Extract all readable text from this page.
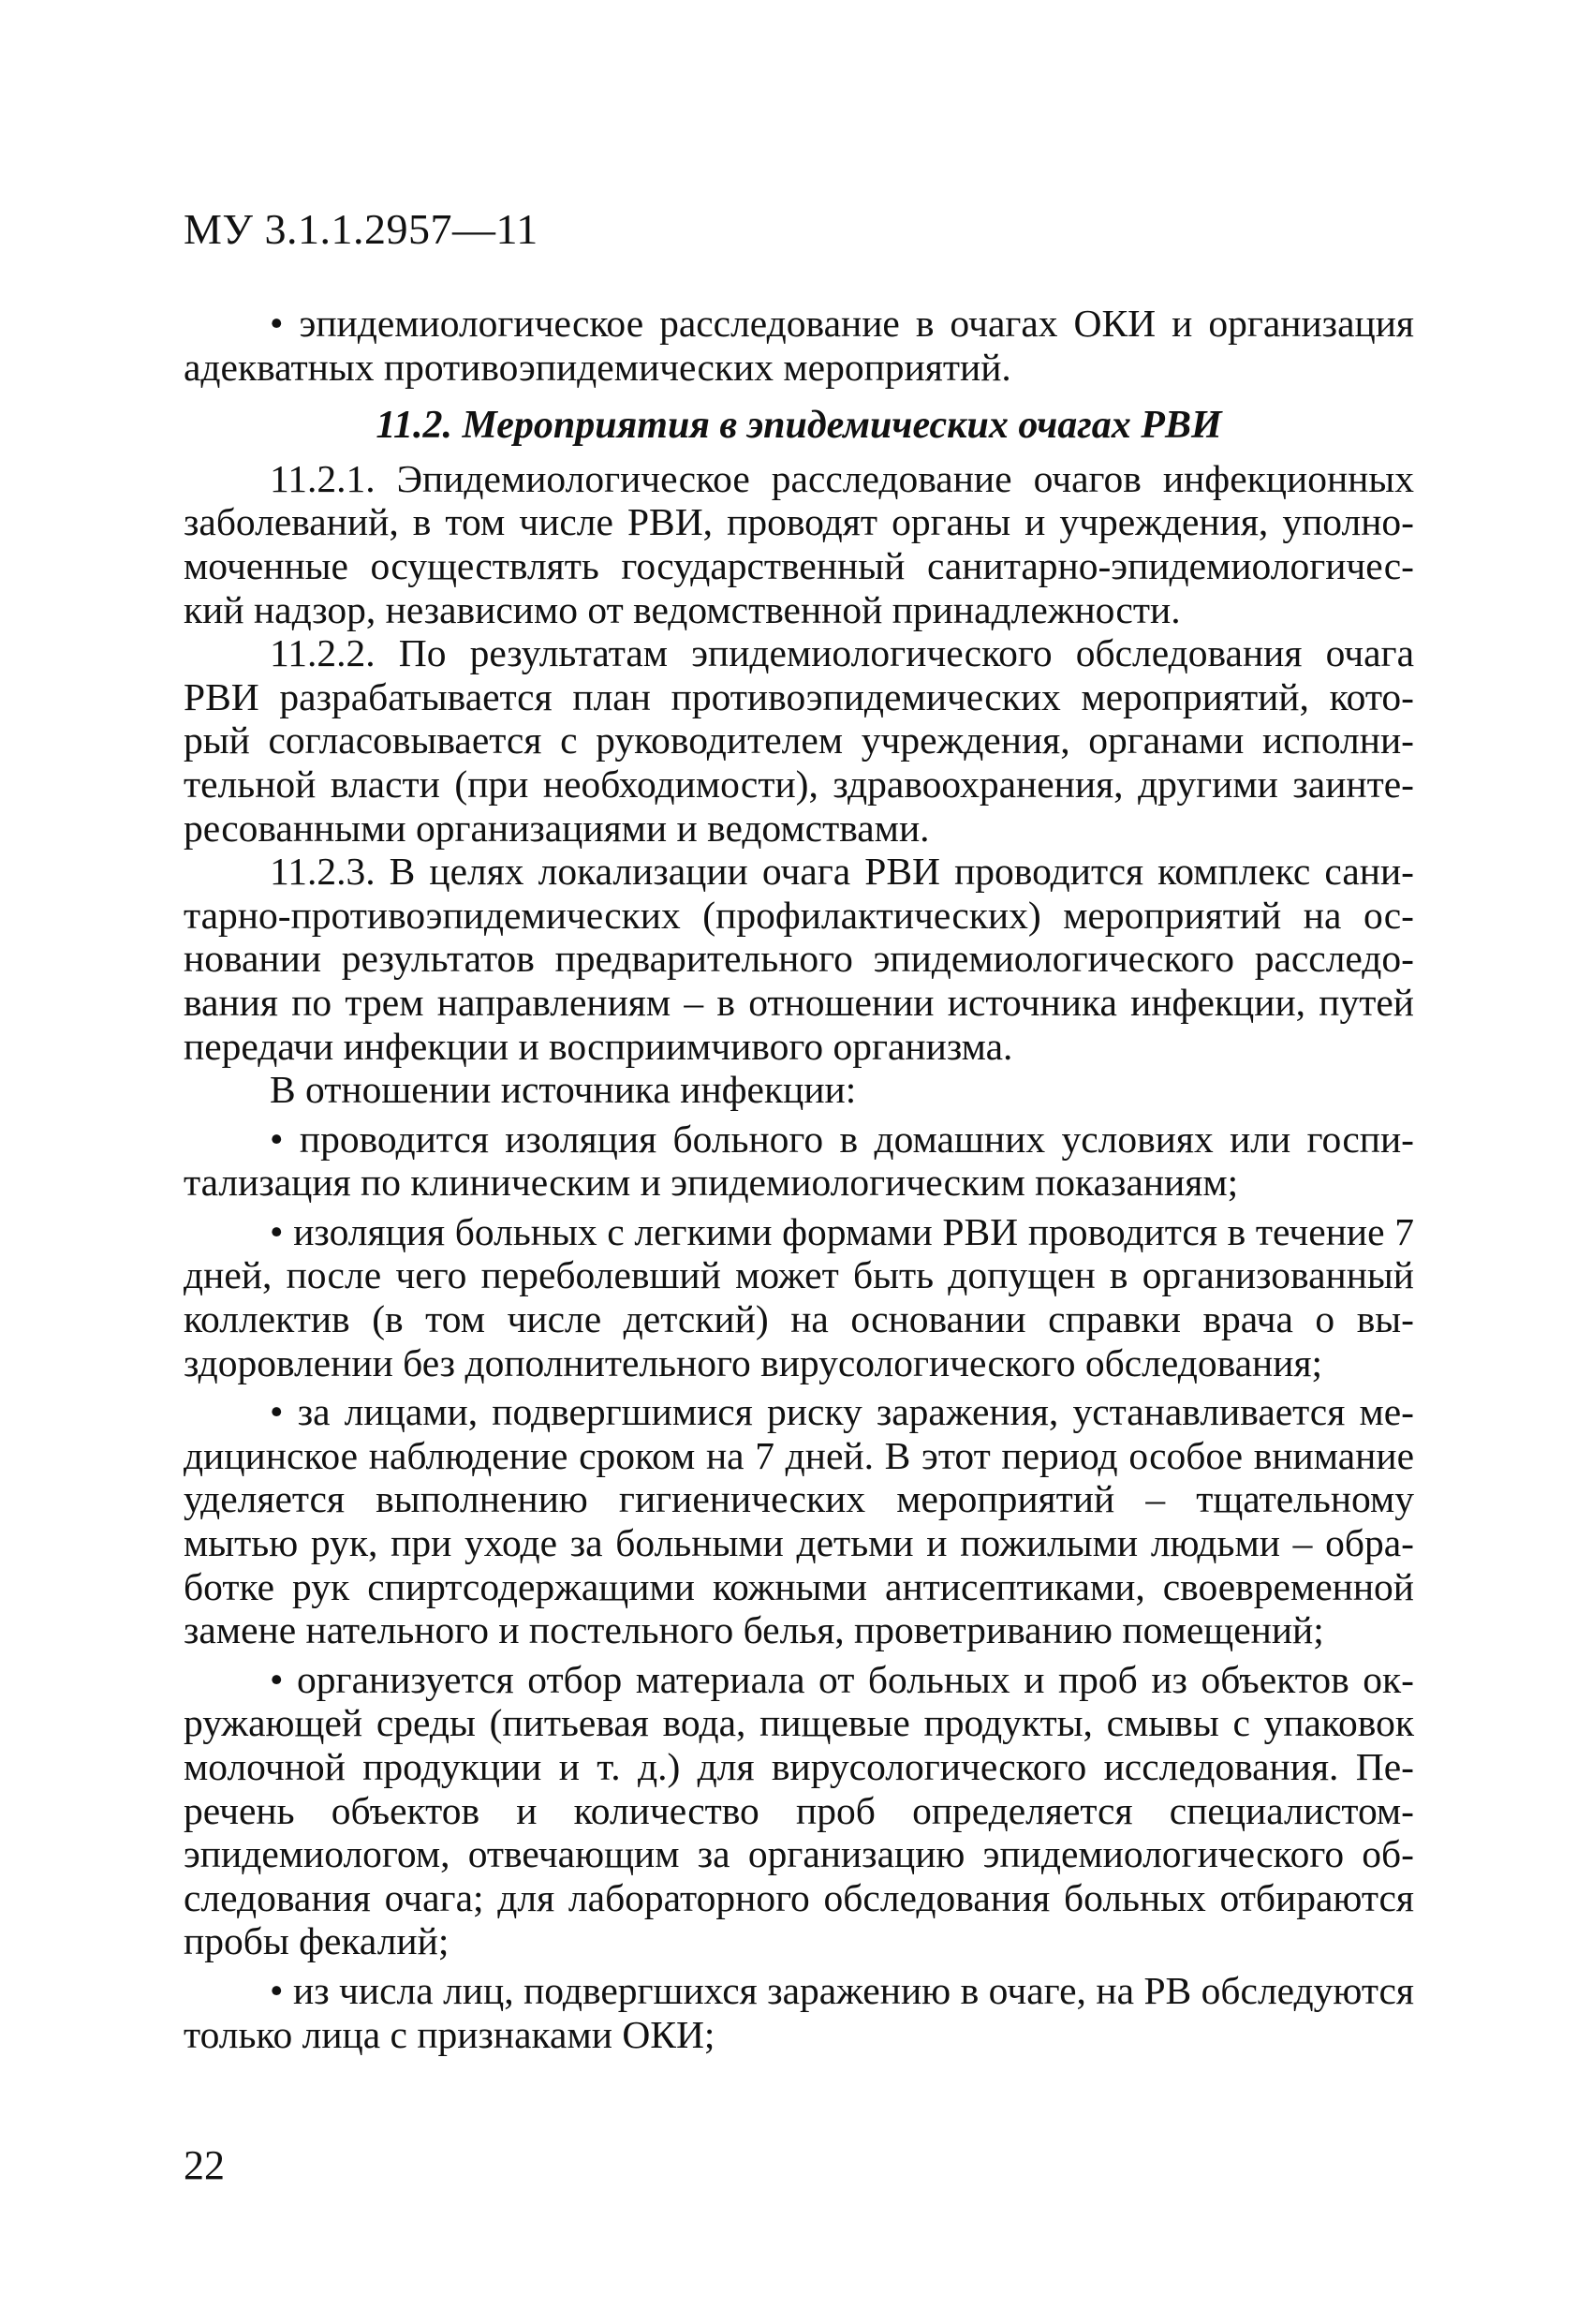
МУ 3.1.1.2957—11

• эпидемиологическое расследование в очагах ОКИ и организация адекватных противоэпидемических мероприятий.

11.2. Мероприятия в эпидемических очагах РВИ

11.2.1. Эпидемиологическое расследование очагов инфекционных заболеваний, в том числе РВИ, проводят органы и учреждения, уполномоченные осуществлять государственный санитарно-эпидемиологический надзор, независимо от ведомственной принадлежности.

11.2.2. По результатам эпидемиологического обследования очага РВИ разрабатывается план противоэпидемических мероприятий, который согласовывается с руководителем учреждения, органами исполнительной власти (при необходимости), здравоохранения, другими заинтересованными организациями и ведомствами.

11.2.3. В целях локализации очага РВИ проводится комплекс санитарно-противоэпидемических (профилактических) мероприятий на основании результатов предварительного эпидемиологического расследования по трем направлениям – в отношении источника инфекции, путей передачи инфекции и восприимчивого организма.

В отношении источника инфекции:

• проводится изоляция больного в домашних условиях или госпитализация по клиническим и эпидемиологическим показаниям;

• изоляция больных с легкими формами РВИ проводится в течение 7 дней, после чего переболевший может быть допущен в организованный коллектив (в том числе детский) на основании справки врача о выздоровлении без дополнительного вирусологического обследования;

• за лицами, подвергшимися риску заражения, устанавливается медицинское наблюдение сроком на 7 дней. В этот период особое внимание уделяется выполнению гигиенических мероприятий – тщательному мытью рук, при уходе за больными детьми и пожилыми людьми – обработке рук спиртсодержащими кожными антисептиками, своевременной замене нательного и постельного белья, проветриванию помещений;

• организуется отбор материала от больных и проб из объектов окружающей среды (питьевая вода, пищевые продукты, смывы с упаковок молочной продукции и т. д.) для вирусологического исследования. Перечень объектов и количество проб определяется специалистом-эпидемиологом, отвечающим за организацию эпидемиологического обследования очага; для лабораторного обследования больных отбираются пробы фекалий;

• из числа лиц, подвергшихся заражению в очаге, на РВ обследуются только лица с признаками ОКИ;

22
